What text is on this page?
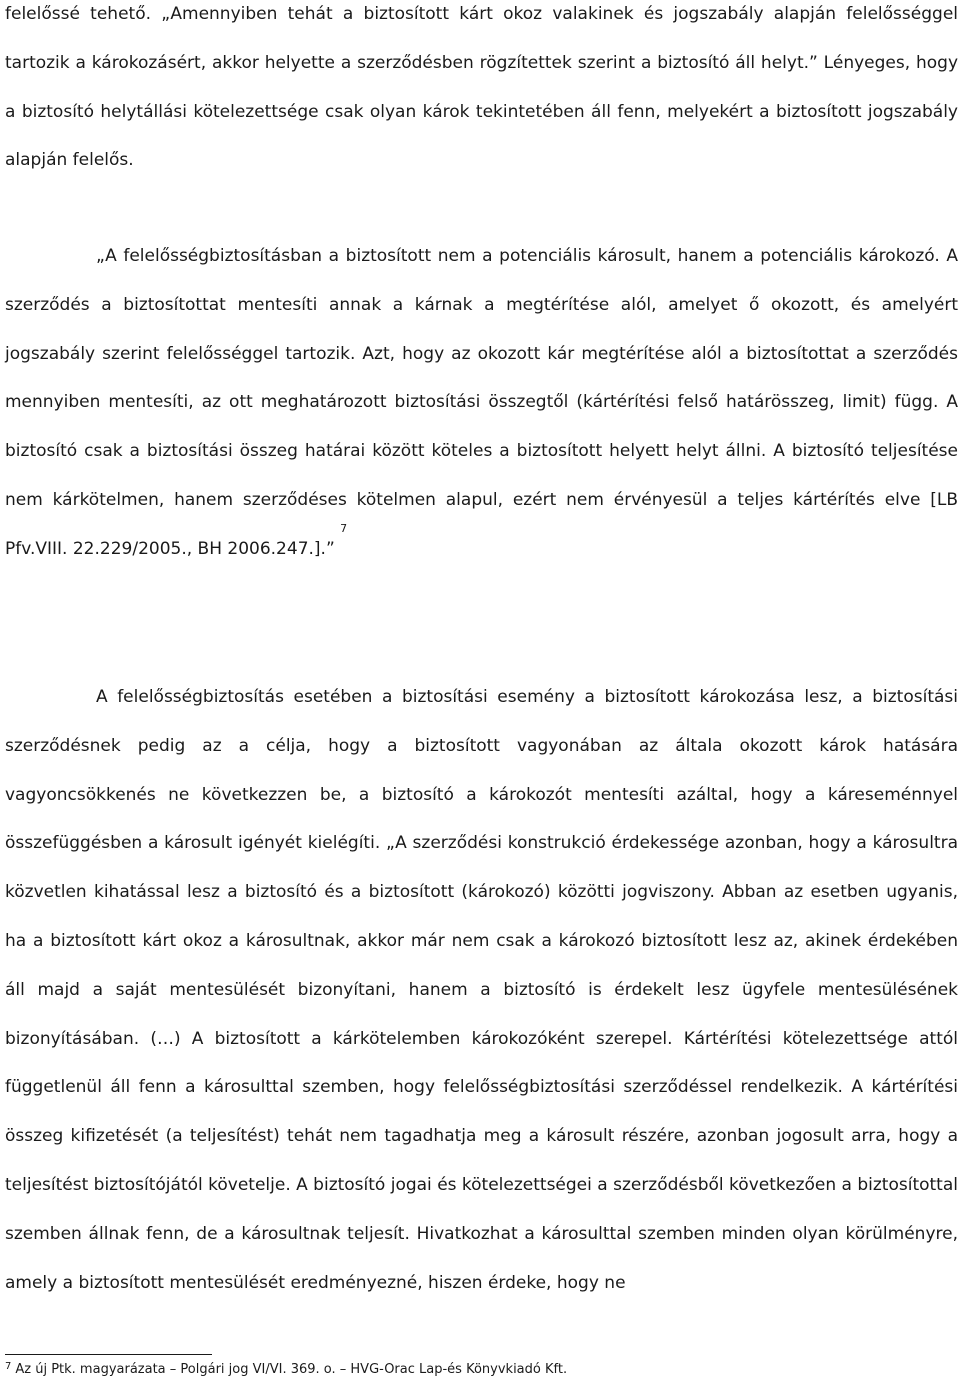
felelőssé tehető. „Amennyiben tehát a biztosított kárt okoz valakinek és jogszabály alapján felelősséggel tartozik a károkozásért, akkor helyette a szerződésben rögzítettek szerint a biztosító áll helyt.” Lényeges, hogy a biztosító helytállási kötelezettsége csak olyan károk tekintetében áll fenn, melyekért a biztosított jogszabály alapján felelős.

„A felelősségbiztosításban a biztosított nem a potenciális károsult, hanem a potenciális károkozó. A szerződés a biztosítottat mentesíti annak a kárnak a megtérítése alól, amelyet ő okozott, és amelyért jogszabály szerint felelősséggel tartozik. Azt, hogy az okozott kár megtérítése alól a biztosítottat a szerződés mennyiben mentesíti, az ott meghatározott biztosítási összegtől (kártérítési felső határösszeg, limit) függ. A biztosító csak a biztosítási összeg határai között köteles a biztosított helyett helyt állni. A biztosító teljesítése nem kárkötelmen, hanem szerződéses kötelmen alapul, ezért nem érvényesül a teljes kártérítés elve [LB Pfv.VIII. 22.229/2005., BH 2006.247.].” $^7$

A felelősségbiztosítás esetében a biztosítási esemény a biztosított károkozása lesz, a biztosítási szerződésnek pedig az a célja, hogy a biztosított vagyonában az általa okozott károk hatására vagyoncsökkenés ne következzen be, a biztosító a károkozót mentesíti azáltal, hogy a káreseménnyel összefüggésben a károsult igényét kielégíti. „A szerződési konstrukció érdekessége azonban, hogy a károsultra közvetlen kihatással lesz a biztosító és a biztosított (károkozó) közötti jogviszony. Abban az esetben ugyanis, ha a biztosított kárt okoz a károsultnak, akkor már nem csak a károkozó biztosított lesz az, akinek érdekében áll majd a saját mentesülését bizonyítani, hanem a biztosító is érdekelt lesz ügyfele mentesülésének bizonyításában. (…) A biztosított a kárkötelemben károkozóként szerepel. Kártérítési kötelezettsége attól függetlenül áll fenn a károsulttal szemben, hogy felelősségbiztosítási szerződéssel rendelkezik. A kártérítési összeg kifizetését (a teljesítést) tehát nem tagadhatja meg a károsult részére, azonban jogosult arra, hogy a teljesítést biztosítójától követelje. A biztosító jogai és kötelezettségei a szerződésből következően a biztosítottal szemben állnak fenn, de a károsultnak teljesít. Hivatkozhat a károsulttal szemben minden olyan körülményre, amely a biztosított mentesülését eredményezné, hiszen érdeke, hogy ne

$^7$ Az új Ptk. magyarázata – Polgári jog VI/VI. 369. o. – HVG-Orac Lap-és Könyvkiadó Kft.
